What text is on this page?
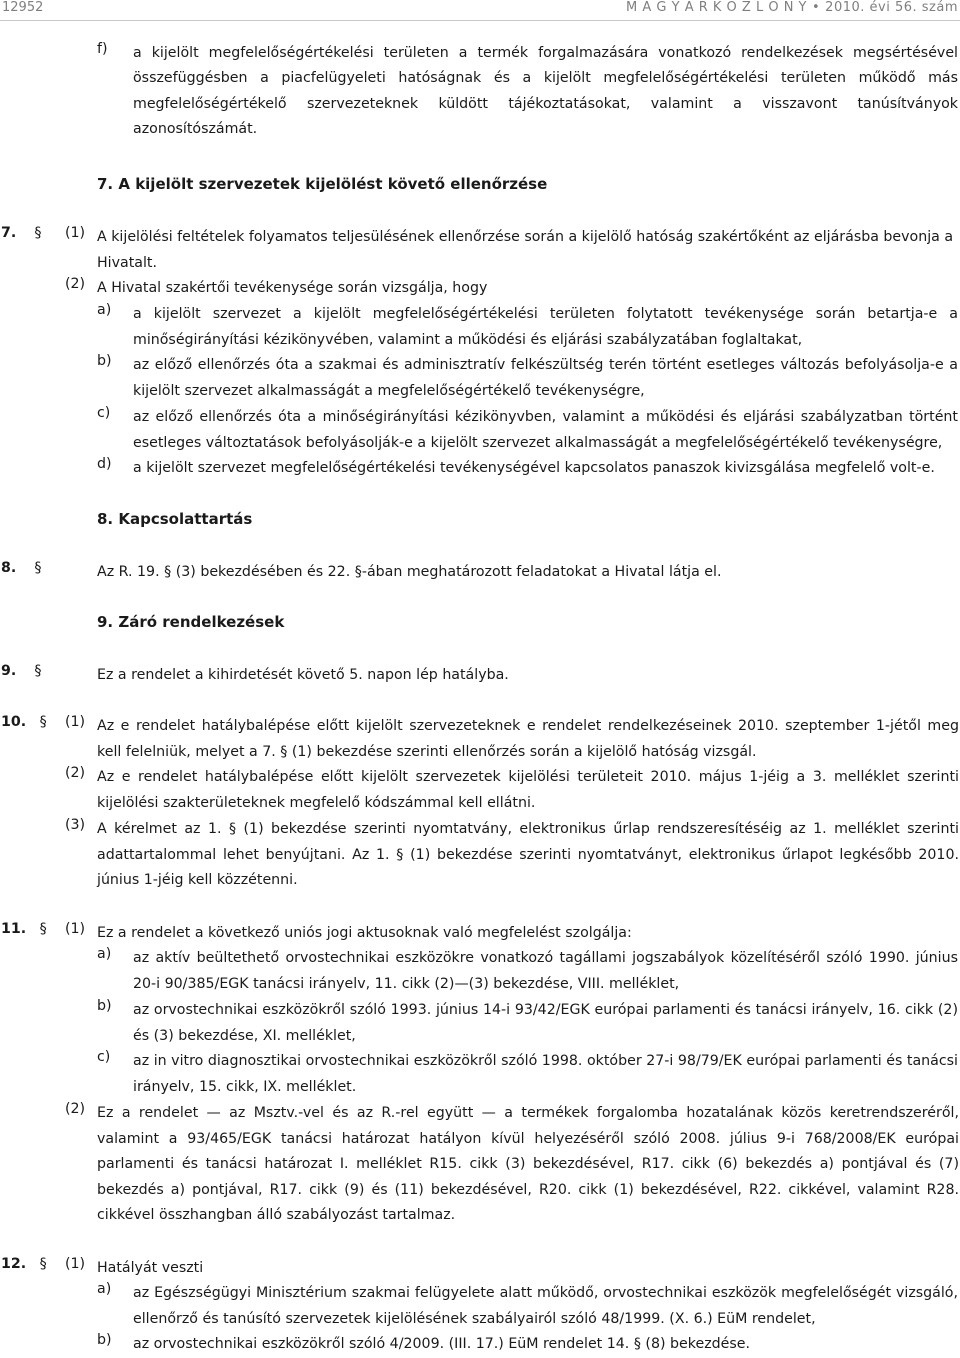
12952	M A G Y A R K Ö Z L Ö N Y • 2010. évi 56. szám
f) a kijelölt megfelelőségértékelési területen a termék forgalmazására vonatkozó rendelkezések megsértésével
összefüggésben a piacfelügyeleti hatóságnak és a kijelölt megfelelőségértékelési területen működő más megfelelőségértékelő szervezeteknek küldött tájékoztatásokat, valamint a visszavont tanúsítványok azonosítószámát.
7. A kijelölt szervezetek kijelölést követő ellenőrzése
7. § (1) A kijelölési feltételek folyamatos teljesülésének ellenőrzése során a kijelölő hatóság szakértőként az eljárásba bevonja a Hivatalt.
(2) A Hivatal szakértői tevékenysége során vizsgálja, hogy
a) a kijelölt szervezet a kijelölt megfelelőségértékelési területen folytatott tevékenysége során betartja-e a minőségirányítási kézikönyvében, valamint a működési és eljárási szabályzatában foglaltakat,
b) az előző ellenőrzés óta a szakmai és adminisztratív felkészültség terén történt esetleges változás befolyásolja-e a kijelölt szervezet alkalmasságát a megfelelőségértékelő tevékenységre,
c) az előző ellenőrzés óta a minőségirányítási kézikönyvben, valamint a működési és eljárási szabályzatban történt esetleges változtatások befolyásolják-e a kijelölt szervezet alkalmasságát a megfelelőségértékelő tevékenységre,
d) a kijelölt szervezet megfelelőségértékelési tevékenységével kapcsolatos panaszok kivizsgálása megfelelő volt-e.
8. Kapcsolattartás
8. §	Az R. 19. § (3) bekezdésében és 22. §-ában meghatározott feladatokat a Hivatal látja el.
9. Záró rendelkezések
9. §	Ez a rendelet a kihirdetését követő 5. napon lép hatályba.
10. § (1) Az e rendelet hatálybalépése előtt kijelölt szervezeteknek e rendelet rendelkezéseinek 2010. szeptember 1-jétől meg kell felelniük, melyet a 7. § (1) bekezdése szerinti ellenőrzés során a kijelölő hatóság vizsgál.
(2) Az e rendelet hatálybalépése előtt kijelölt szervezetek kijelölési területeit 2010. május 1-jéig a 3. melléklet szerinti kijelölési szakterületeknek megfelelő kódszámmal kell ellátni.
(3) A kérelmet az 1. § (1) bekezdése szerinti nyomtatvány, elektronikus űrlap rendszeresítéséig az 1. melléklet szerinti adattartalommal lehet benyújtani. Az 1. § (1) bekezdése szerinti nyomtatványt, elektronikus űrlapot legkésőbb 2010. június 1-jéig kell közzétenni.
11. § (1) Ez a rendelet a következő uniós jogi aktusoknak való megfelelést szolgálja:
a) az aktív beültethető orvostechnikai eszközökre vonatkozó tagállami jogszabályok közelítéséről szóló 1990. június 20-i 90/385/EGK tanácsi irányelv, 11. cikk (2)—(3) bekezdése, VIII. melléklet,
b) az orvostechnikai eszközökről szóló 1993. június 14-i 93/42/EGK európai parlamenti és tanácsi irányelv, 16. cikk (2) és (3) bekezdése, XI. melléklet,
c) az in vitro diagnosztikai orvostechnikai eszközökről szóló 1998. október 27-i 98/79/EK európai parlamenti és tanácsi irányelv, 15. cikk, IX. melléklet.
(2) Ez a rendelet — az Msztv.-vel és az R.-rel együtt — a termékek forgalomba hozatalának közös keretrendszeréről, valamint a 93/465/EGK tanácsi határozat hatályon kívül helyezéséről szóló 2008. július 9-i 768/2008/EK európai parlamenti és tanácsi határozat I. melléklet R15. cikk (3) bekezdésével, R17. cikk (6) bekezdés a) pontjával és (7) bekezdés a) pontjával, R17. cikk (9) és (11) bekezdésével, R20. cikk (1) bekezdésével, R22. cikkével, valamint R28. cikkével összhangban álló szabályozást tartalmaz.
12. § (1) Hatályát veszti
a) az Egészségügyi Minisztérium szakmai felügyelete alatt működő, orvostechnikai eszközök megfelelőségét vizsgáló, ellenőrző és tanúsító szervezetek kijelölésének szabályairól szóló 48/1999. (X. 6.) EüM rendelet,
b) az orvostechnikai eszközökről szóló 4/2009. (III. 17.) EüM rendelet 14. § (8) bekezdése.
